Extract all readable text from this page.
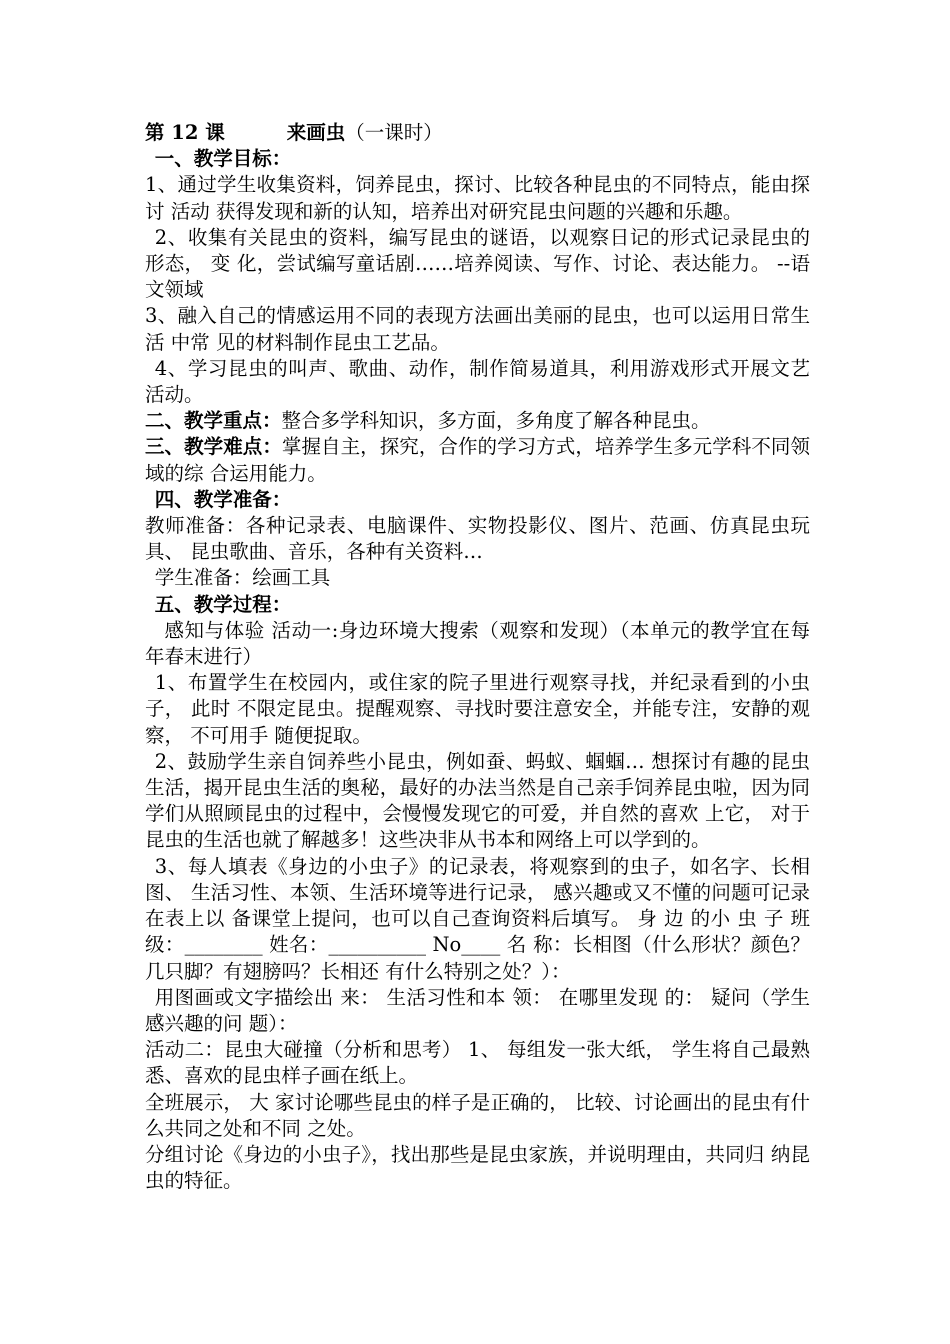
第 12 课	来画虫（一课时）

一、教学目标：

1、通过学生收集资料，饲养昆虫，探讨、比较各种昆虫的不同特点，能由探讨 活动 获得发现和新的认知，培养出对研究昆虫问题的兴趣和乐趣。

2、收集有关昆虫的资料，编写昆虫的谜语，以观察日记的形式记录昆虫的形态， 变 化，尝试编写童话剧……培养阅读、写作、讨论、表达能力。 --语文领域

3、融入自己的情感运用不同的表现方法画出美丽的昆虫，也可以运用日常生活 中常 见的材料制作昆虫工艺品。

4、学习昆虫的叫声、歌曲、动作，制作简易道具，利用游戏形式开展文艺活动。

二、教学重点：整合多学科知识，多方面，多角度了解各种昆虫。

三、教学难点：掌握自主，探究，合作的学习方式，培养学生多元学科不同领域的综 合运用能力。

四、教学准备：

教师准备：各种记录表、电脑课件、实物投影仪、图片、范画、仿真昆虫玩具、 昆虫歌曲、音乐，各种有关资料…

学生准备：绘画工具

五、教学过程：

感知与体验 活动一:身边环境大搜索（观察和发现）（本单元的教学宜在每年春末进行）

1、布置学生在校园内，或住家的院子里进行观察寻找，并纪录看到的小虫子， 此时 不限定昆虫。提醒观察、寻找时要注意安全，并能专注，安静的观察， 不可用手 随便捉取。

2、鼓励学生亲自饲养些小昆虫，例如蚕、蚂蚁、蝈蝈… 想探讨有趣的昆虫生活，揭开昆虫生活的奥秘，最好的办法当然是自己亲手饲养昆虫啦，因为同学们从照顾昆虫的过程中，会慢慢发现它的可爱，并自然的喜欢 上它， 对于昆虫的生活也就了解越多！这些决非从书本和网络上可以学到的。

3、每人填表《身边的小虫子》的记录表，将观察到的虫子，如名字、长相图、 生活习性、本领、生活环境等进行记录， 感兴趣或又不懂的问题可记录在表上以 备课堂上提问，也可以自己查询资料后填写。 身 边 的小 虫 子 班级：________ 姓名：__________ No____ 名 称：长相图（什么形状？颜色？几只脚？有翅膀吗？长相还 有什么特别之处？）：

用图画或文字描绘出 来： 生活习性和本 领： 在哪里发现 的： 疑问（学生感兴趣的问 题）：

活动二：昆虫大碰撞（分析和思考） 1、 每组发一张大纸， 学生将自己最熟悉、喜欢的昆虫样子画在纸上。

全班展示， 大 家讨论哪些昆虫的样子是正确的， 比较、讨论画出的昆虫有什么共同之处和不同 之处。

分组讨论《身边的小虫子》，找出那些是昆虫家族，并说明理由，共同归 纳昆虫的特征。
